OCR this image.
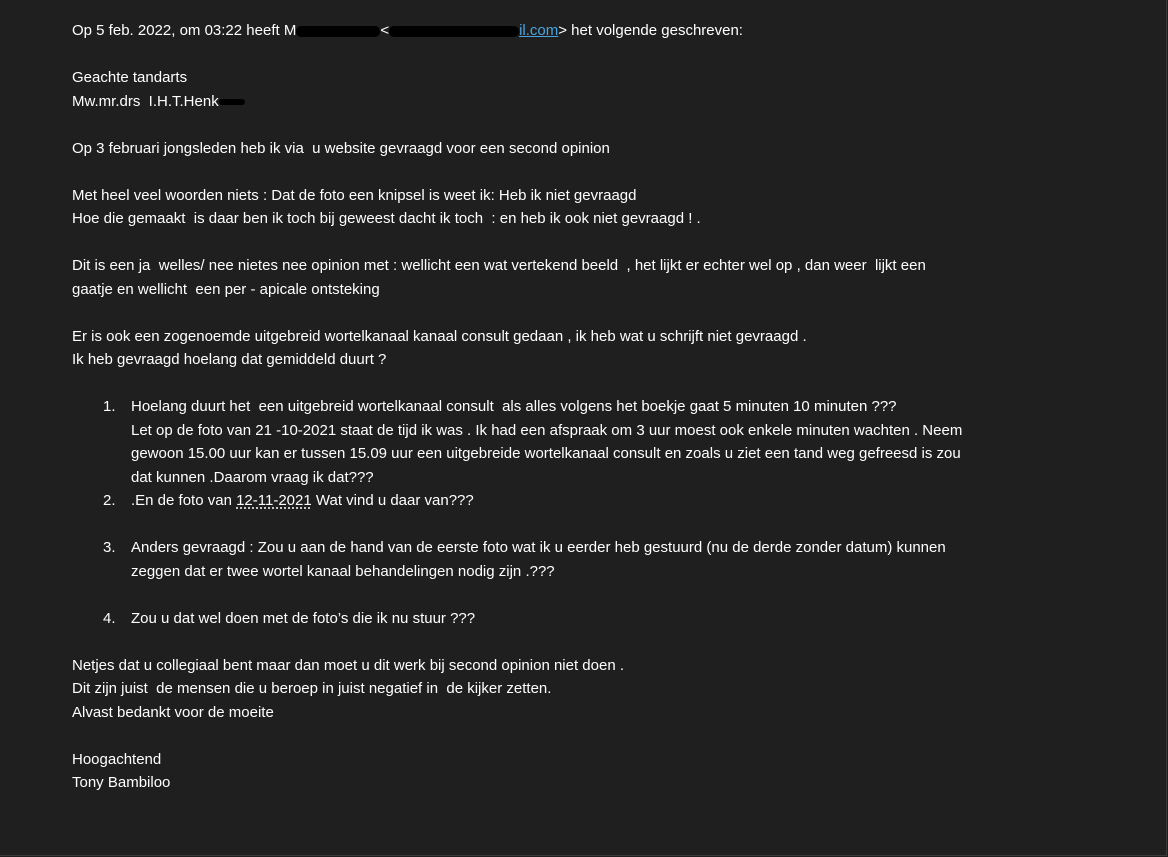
Op 5 feb. 2022, om 03:22 heeft M	<	il.com> het volgende geschreven:
Geachte tandarts
Mw.mr.drs  I.H.T.Henk
Op 3 februari jongsleden heb ik via  u website gevraagd voor een second opinion
Met heel veel woorden niets : Dat de foto een knipsel is weet ik: Heb ik niet gevraagd
Hoe die gemaakt  is daar ben ik toch bij geweest dacht ik toch  : en heb ik ook niet gevraagd ! .
Dit is een ja  welles/ nee nietes nee opinion met : wellicht een wat vertekend beeld  , het lijkt er echter wel op , dan weer  lijkt een
gaatje en wellicht  een per - apicale ontsteking
Er is ook een zogenoemde uitgebreid wortelkanaal kanaal consult gedaan , ik heb wat u schrijft niet gevraagd .
Ik heb gevraagd hoelang dat gemiddeld duurt ?
1.	Hoelang duurt het  een uitgebreid wortelkanaal consult  als alles volgens het boekje gaat 5 minuten 10 minuten ???
Let op de foto van 21 -10-2021 staat de tijd ik was . Ik had een afspraak om 3 uur moest ook enkele minuten wachten . Neem
gewoon 15.00 uur kan er tussen 15.09 uur een uitgebreide wortelkanaal consult en zoals u ziet een tand weg gefreesd is zou
dat kunnen .Daarom vraag ik dat???
2.	.En de foto van 12-11-2021 Wat vind u daar van???
3.	Anders gevraagd : Zou u aan de hand van de eerste foto wat ik u eerder heb gestuurd (nu de derde zonder datum) kunnen
zeggen dat er twee wortel kanaal behandelingen nodig zijn .???
4.	Zou u dat wel doen met de foto’s die ik nu stuur ???
Netjes dat u collegiaal bent maar dan moet u dit werk bij second opinion niet doen .
Dit zijn juist  de mensen die u beroep in juist negatief in  de kijker zetten.
Alvast bedankt voor de moeite
Hoogachtend
Tony Bambiloo
